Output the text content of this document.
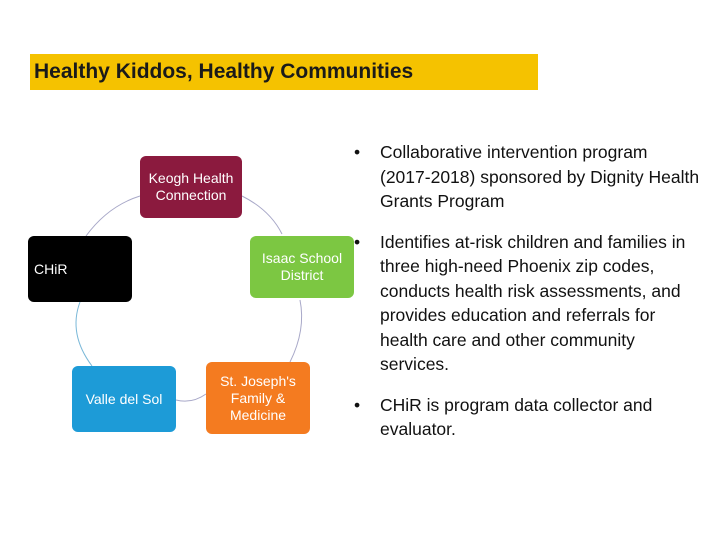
Healthy Kiddos, Healthy Communities
Keogh Health Connection
Isaac School District
St. Joseph's Family & Medicine
Valle del Sol
CHiR
• Collaborative intervention program (2017-2018) sponsored by Dignity Health Grants Program
• Identifies at-risk children and families in three high-need Phoenix zip codes, conducts health risk assessments, and provides education and referrals for health care and other community services.
• CHiR is program data collector and evaluator.
